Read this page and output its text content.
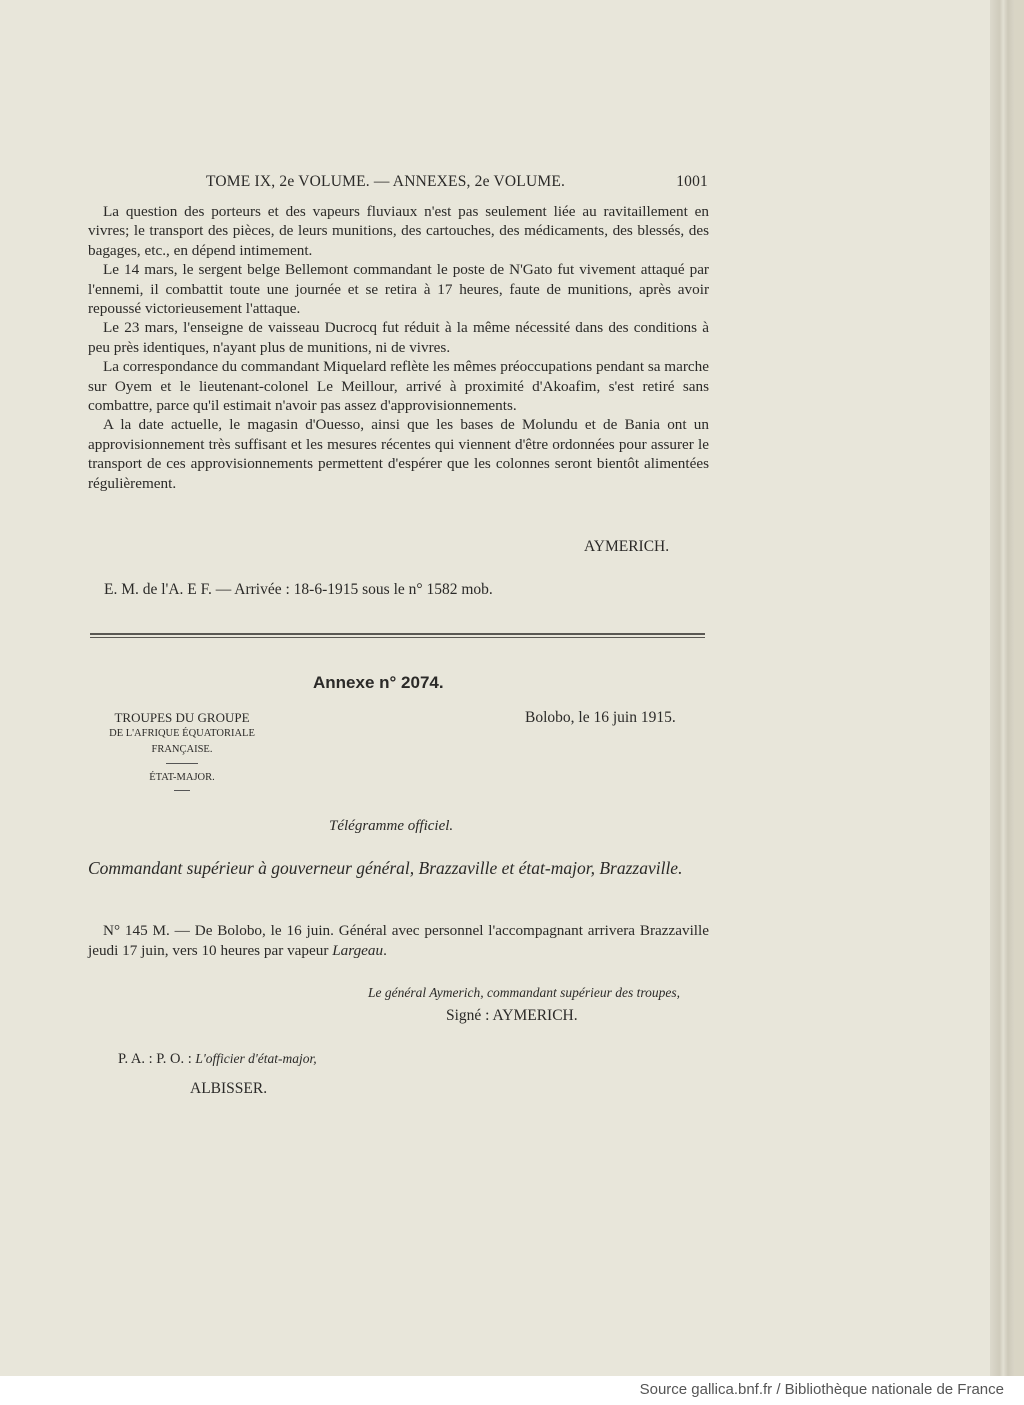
TOME IX, 2e VOLUME. — ANNEXES, 2e VOLUME.	1001

La question des porteurs et des vapeurs fluviaux n'est pas seulement liée au ravitaillement en vivres; le transport des pièces, de leurs munitions, des cartouches, des médicaments, des blessés, des bagages, etc., en dépend intimement.

Le 14 mars, le sergent belge Bellemont commandant le poste de N'Gato fut vivement attaqué par l'ennemi, il combattit toute une journée et se retira à 17 heures, faute de munitions, après avoir repoussé victorieusement l'attaque.

Le 23 mars, l'enseigne de vaisseau Ducrocq fut réduit à la même nécessité dans des conditions à peu près identiques, n'ayant plus de munitions, ni de vivres.

La correspondance du commandant Miquelard reflète les mêmes préoccupations pendant sa marche sur Oyem et le lieutenant-colonel Le Meillour, arrivé à proximité d'Akoafim, s'est retiré sans combattre, parce qu'il estimait n'avoir pas assez d'approvisionnements.

A la date actuelle, le magasin d'Ouesso, ainsi que les bases de Molundu et de Bania ont un approvisionnement très suffisant et les mesures récentes qui viennent d'être ordonnées pour assurer le transport de ces approvisionnements permettent d'espérer que les colonnes seront bientôt alimentées régulièrement.

AYMERICH.
E. M. de l'A. E F. — Arrivée : 18-6-1915 sous le n° 1582 mob.
Annexe n° 2074.
TROUPES DU GROUPE
DE L'AFRIQUE ÉQUATORIALE
FRANÇAISE.
ÉTAT-MAJOR.
Bolobo, le 16 juin 1915.
Télégramme officiel.
Commandant supérieur à gouverneur général, Brazzaville et état-major, Brazzaville.

N° 145 M. — De Bolobo, le 16 juin. Général avec personnel l'accompagnant arrivera Brazzaville jeudi 17 juin, vers 10 heures par vapeur Largeau.

Le général Aymerich, commandant supérieur des troupes,
Signé : AYMERICH.
P. A. : P. O. : L'officier d'état-major,
ALBISSER.
Source gallica.bnf.fr / Bibliothèque nationale de France
